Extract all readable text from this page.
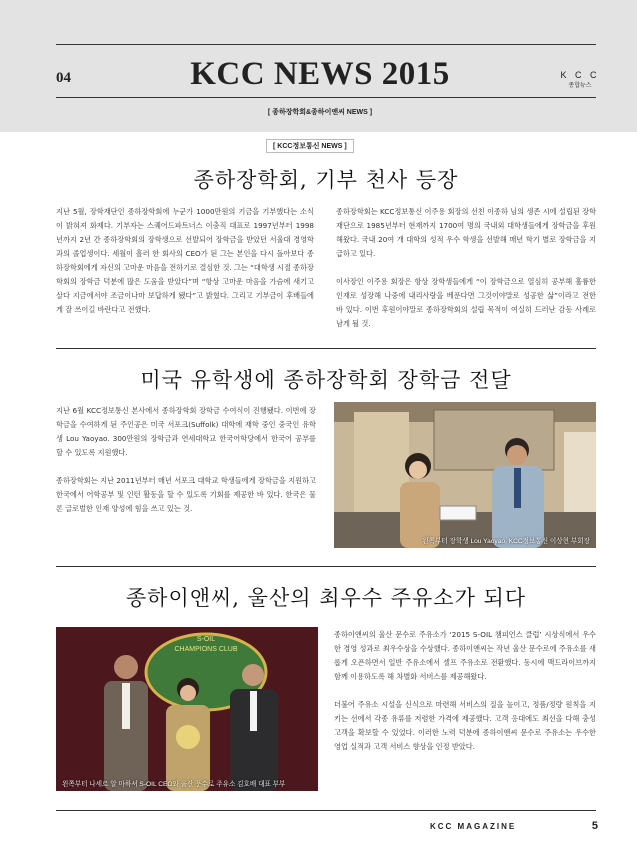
04	KCC NEWS 2015	K C C
종합뉴스
[ 종하장학회&종하이앤씨 NEWS ]
[ KCC정보통신 NEWS ]
종하장학회, 기부 천사 등장

지난 5월, 장학재단인 종하장학회에 누군가 1000만원의 기금을 기부했다는 소식이 밝혀져 화제다. 기부자는 스퀘어드파트너스 이충직 대표로 1997년부터 1998년까지 2년 간 종하장학회의 장학생으로 선발되어 장학금을 받았던 서울대 경영학과의 졸업생이다. 세월이 흘러 한 회사의 CEO가 된 그는 본인을 다시 돌아보다 종하장학회에게 자신의 고마운 마음을 전하기로 결심한 것. 그는 “대학생 시절 종하장학회의 장학금 덕분에 많은 도움을 받았다”며 “항상 고마운 마음을 가슴에 새기고 살다 지금에서야 조금이나마 보답하게 됐다”고 밝혔다. 그리고 기부금이 후배들에게 잘 쓰이길 바란다고 전했다.

종하장학회는 KCC정보통신 이주용 회장의 선친 이종하 님의 생존 시에 설립된 장학재단으로 1985년부터 현재까지 1700여 명의 국내외 대학생들에게 장학금을 후원해왔다. 국내 20여 개 대학의 성적 우수 학생을 선발해 매년 학기 별로 장학금을 지급하고 있다.

이사장인 이주용 회장은 항상 장학생들에게 “이 장학금으로 열심히 공부해 훌륭한 인재로 성장해 나중에 내리사랑을 베푼다면 그것이야말로 성공한 삶”이라고 전한 바 있다. 이번 후원이야말로 종하장학회의 설립 목적이 여실히 드러난 감동 사례로 남게 될 것.

미국 유학생에 종하장학회 장학금 전달

지난 6월 KCC정보통신 본사에서 종하장학회 장학금 수여식이 진행됐다. 이번에 장학금을 수여하게 된 주인공은 미국 서포크(Suffolk) 대학에 재학 중인 중국인 유학생 Lou Yaoyao. 300만원의 장학금과 연세대학교 한국어학당에서 한국어 공부를 할 수 있도록 지원했다.

종하장학회는 지난 2011년부터 매년 서포크 대학교 학생들에게 장학금을 지원하고 한국에서 어학공부 및 인턴 활동을 할 수 있도록 기회를 제공한 바 있다. 한국은 물론 글로벌한 인재 양성에 힘을 쓰고 있는 것.

왼쪽부터 장학생 Lou Yaoyao, KCC정보통신 이상현 부회장
종하이앤씨, 울산의 최우수 주유소가 되다
S-OIL
CHAMPIONS CLUB
왼쪽부터 나세르 알 마하셔 S-OIL CEO와 울산 문수로 주유소 김호배 대표 부부

종하이앤씨의 울산 문수로 주유소가 ‘2015 S-OIL 챔피언스 클럽’ 시상식에서 우수한 경영 성과로 최우수상을 수상했다. 종하이앤씨는 작년 울산 문수로에 주유소를 새롭게 오픈하면서 일반 주유소에서 셀프 주유소로 전환했다. 동시에 맥드라이브까지 함께 이용하도록 해 차별화 서비스를 제공해왔다.

더불어 주유소 시설을 신식으로 마련해 서비스의 질을 높이고, 정품/정량 원칙을 지키는 선에서 각종 유류를 저렴한 가격에 제공했다. 고객 응대에도 최선을 다해 충성 고객을 확보할 수 있었다. 이러한 노력 덕분에 종하이앤씨 문수로 주유소는 우수한 영업 실적과 고객 서비스 향상을 인정 받았다.

KCC MAGAZINE	5
